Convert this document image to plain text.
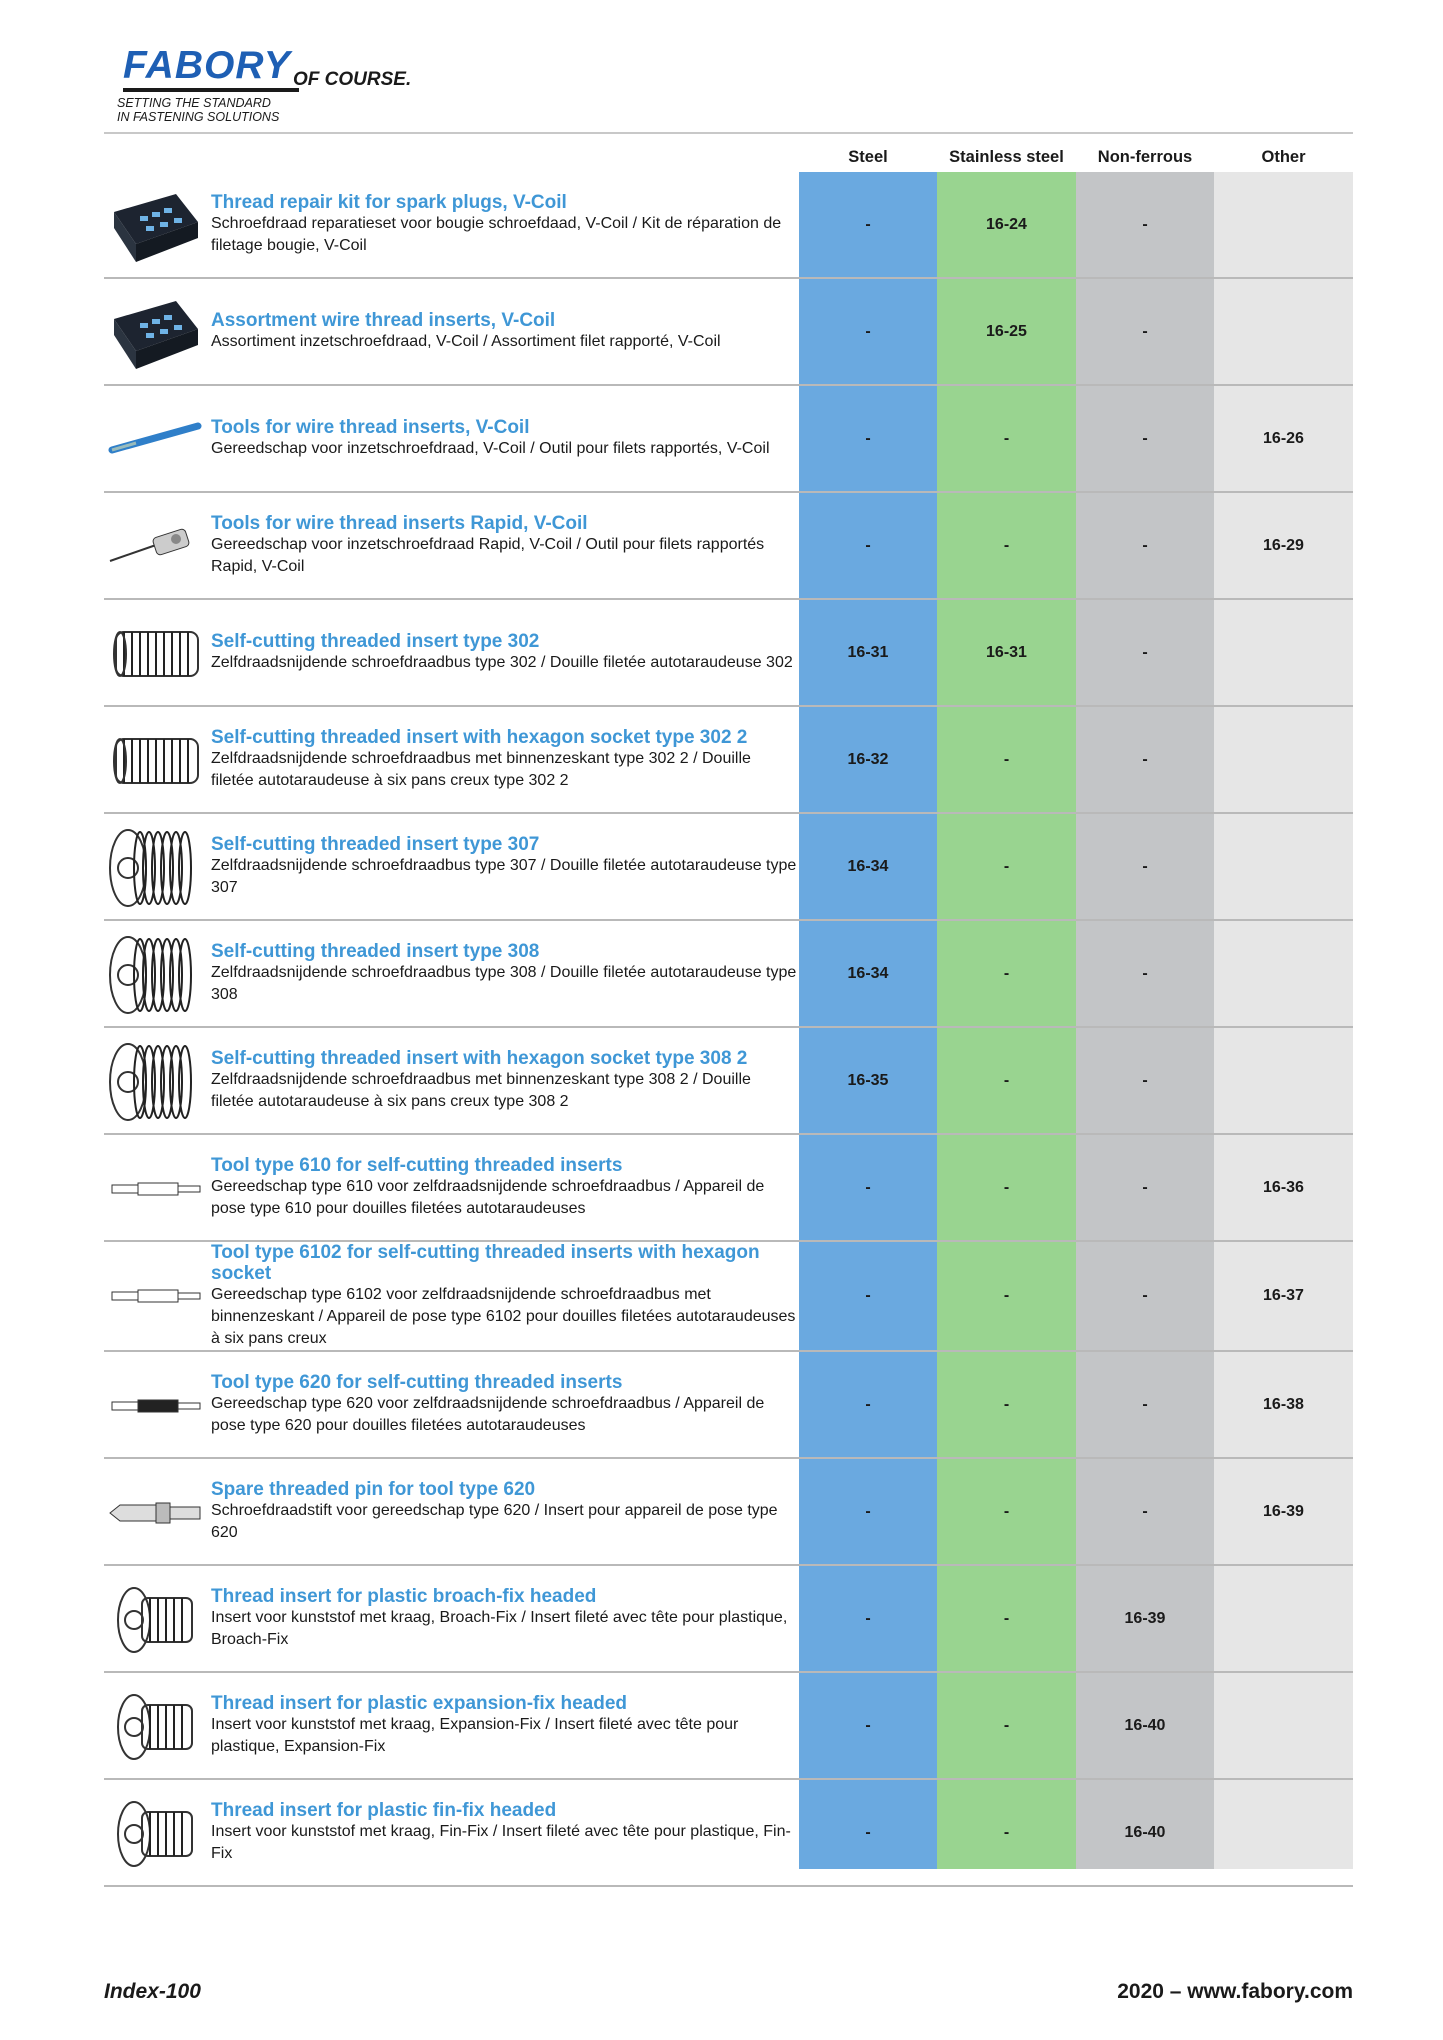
FABORY OF COURSE.
SETTING THE STANDARD
IN FASTENING SOLUTIONS
Steel	Stainless steel	Non-ferrous	Other
Thread repair kit for spark plugs, V-Coil
Schroefdraad reparatieset voor bougie schroefdaad, V-Coil / Kit de réparation de filetage bougie, V-Coil
-	16-24	-
Assortment wire thread inserts, V-Coil
Assortiment inzetschroefdraad, V-Coil / Assortiment filet rapporté, V-Coil
-	16-25	-
Tools for wire thread inserts, V-Coil
Gereedschap voor inzetschroefdraad, V-Coil / Outil pour filets rapportés, V-Coil
-	-	-	16-26
Tools for wire thread inserts Rapid, V-Coil
Gereedschap voor inzetschroefdraad Rapid, V-Coil / Outil pour filets rapportés Rapid, V-Coil
-	-	-	16-29
Self-cutting threaded insert type 302
Zelfdraadsnijdende schroefdraadbus type 302 / Douille filetée autotaraudeuse 302
16-31	16-31	-
Self-cutting threaded insert with hexagon socket type 302 2
Zelfdraadsnijdende schroefdraadbus met binnenzeskant type 302 2 / Douille filetée autotaraudeuse à six pans creux type 302 2
16-32	-	-
Self-cutting threaded insert type 307
Zelfdraadsnijdende schroefdraadbus type 307 / Douille filetée autotaraudeuse type 307
16-34	-	-
Self-cutting threaded insert type 308
Zelfdraadsnijdende schroefdraadbus type 308 / Douille filetée autotaraudeuse type 308
16-34	-	-
Self-cutting threaded insert with hexagon socket type 308 2
Zelfdraadsnijdende schroefdraadbus met binnenzeskant type 308 2 / Douille filetée autotaraudeuse à six pans creux type 308 2
16-35	-	-
Tool type 610 for self-cutting threaded inserts
Gereedschap type 610 voor zelfdraadsnijdende schroefdraadbus / Appareil de pose type 610 pour douilles filetées autotaraudeuses
-	-	-	16-36
Tool type 6102 for self-cutting threaded inserts with hexagon socket
Gereedschap type 6102 voor zelfdraadsnijdende schroefdraadbus met binnenzeskant / Appareil de pose type 6102 pour douilles filetées autotaraudeuses à six pans creux
-	-	-	16-37
Tool type 620 for self-cutting threaded inserts
Gereedschap type 620 voor zelfdraadsnijdende schroefdraadbus / Appareil de pose type 620 pour douilles filetées autotaraudeuses
-	-	-	16-38
Spare threaded pin for tool type 620
Schroefdraadstift voor gereedschap type 620 / Insert pour appareil de pose type 620
-	-	-	16-39
Thread insert for plastic broach-fix headed
Insert voor kunststof met kraag, Broach-Fix / Insert fileté avec tête pour plastique, Broach-Fix
-	-	16-39
Thread insert for plastic expansion-fix headed
Insert voor kunststof met kraag, Expansion-Fix / Insert fileté avec tête pour plastique, Expansion-Fix
-	-	16-40
Thread insert for plastic fin-fix headed
Insert voor kunststof met kraag, Fin-Fix / Insert fileté avec tête pour plastique, Fin-Fix
-	-	16-40
Index-100	2020 – www.fabory.com
